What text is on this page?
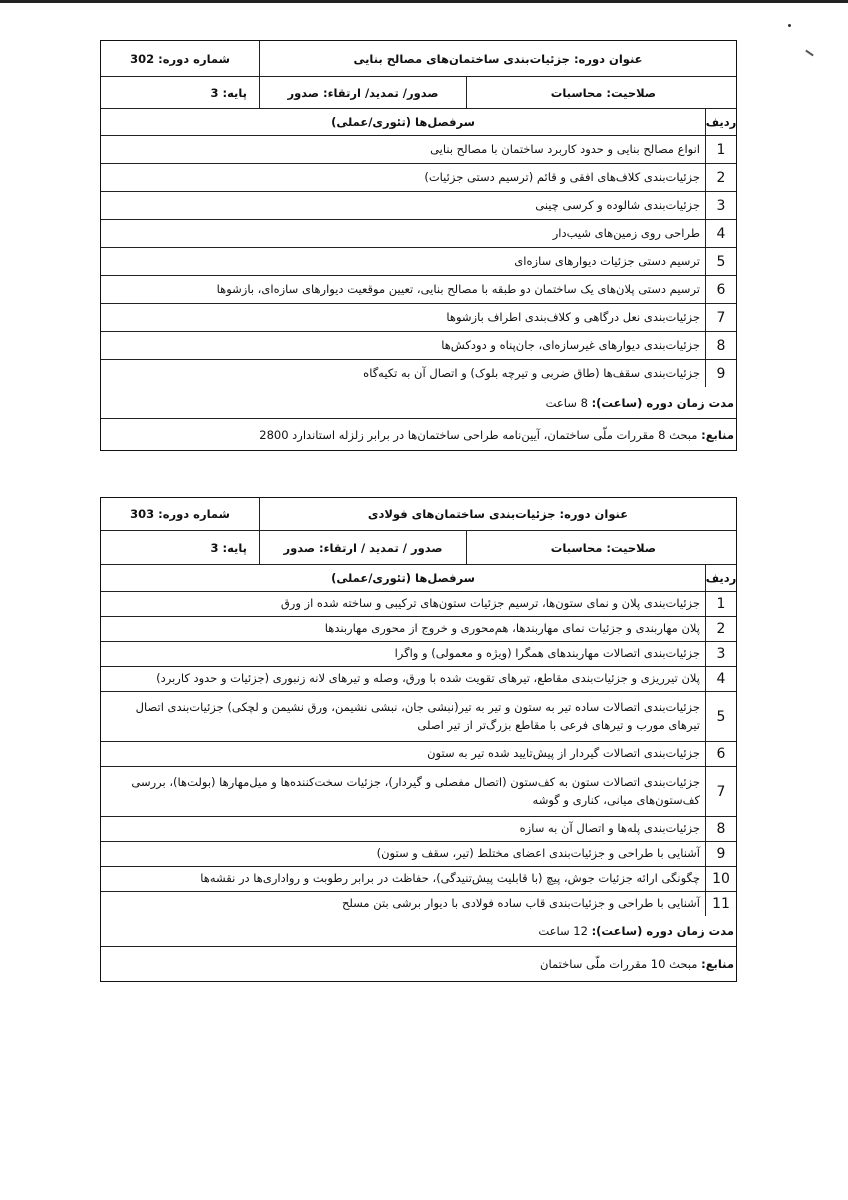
عنوان دوره:

جزئیات‌بندی ساختمان‌های مصالح بنایی
شماره دوره:

302
صلاحیت:

محاسبات
صدور/ تمدید/ ارتقاء: صدور
پایه:

3
ردیف
سرفصل‌ها (تئوری/عملی)
1
انواع مصالح بنایی و حدود کاربرد ساختمان با مصالح بنایی
2
جزئیات‌بندی کلاف‌های افقی و قائم (ترسیم دستی جزئیات)
3
جزئیات‌بندی شالوده و کرسی چینی
4
طراحی روی زمین‌های شیب‌دار
5
ترسیم دستی جزئیات دیوارهای سازه‌ای
6
ترسیم دستی پلان‌های یک ساختمان دو طبقه با مصالح بنایی، تعیین موقعیت دیوارهای سازه‌ای، بازشوها
7
جزئیات‌بندی نعل درگاهی و کلاف‌بندی اطراف بازشوها
8
جزئیات‌بندی دیوارهای غیرسازه‌ای، جان‌پناه و دودکش‌ها
9
جزئیات‌بندی سقف‌ها (طاق ضربی و تیرچه بلوک) و اتصال آن به تکیه‌گاه
مدت زمان دوره (ساعت):

8 ساعت
منابع:

مبحث 8 مقررات ملّی ساختمان، آیین‌نامه طراحی ساختمان‌ها در برابر زلزله استاندارد 2800
عنوان دوره:

جزئیات‌بندی ساختمان‌های فولادی
شماره دوره:

303
صلاحیت:

محاسبات
صدور / تمدید / ارتقاء:

صدور
پایه:

3
ردیف
سرفصل‌ها (تئوری/عملی)
1
جزئیات‌بندی پلان و نمای ستون‌ها، ترسیم جزئیات ستون‌های ترکیبی و ساخته شده از ورق
2
پلان مهاربندی و جزئیات نمای مهاربندها، هم‌محوری و خروج از محوری مهاربندها
3
جزئیات‌بندی اتصالات مهاربندهای همگرا (ویژه و معمولی) و واگرا
4
پلان تیرریزی و جزئیات‌بندی مقاطع، تیرهای تقویت شده با ورق، وصله و تیرهای لانه زنبوری (جزئیات و حدود کاربرد)
5
جزئیات‌بندی اتصالات ساده تیر به ستون و تیر به تیر(نبشی جان، نبشی نشیمن، ورق نشیمن و لچکی) جزئیات‌بندی اتصال تیرهای مورب و تیرهای فرعی با مقاطع بزرگ‌تر از تیر اصلی
6
جزئیات‌بندی اتصالات گیردار از پیش‌تایید شده تیر به ستون
7
جزئیات‌بندی اتصالات ستون به کف‌ستون (اتصال مفصلی و گیردار)، جزئیات سخت‌کننده‌ها و میل‌مهارها (بولت‌ها)، بررسی کف‌ستون‌های میانی، کناری و گوشه
8
جزئیات‌بندی پله‌ها و اتصال آن به سازه
9
آشنایی با طراحی و جزئیات‌بندی اعضای مختلط (تیر، سقف و ستون)
10
چگونگی ارائه جزئیات جوش، پیچ (با قابلیت پیش‌تنیدگی)، حفاظت در برابر رطوبت و رواداری‌ها در نقشه‌ها
11
آشنایی با طراحی و جزئیات‌بندی قاب ساده فولادی با دیوار برشی بتن مسلح
مدت زمان دوره (ساعت):

12 ساعت
منابع:

مبحث 10 مقررات ملّی ساختمان
